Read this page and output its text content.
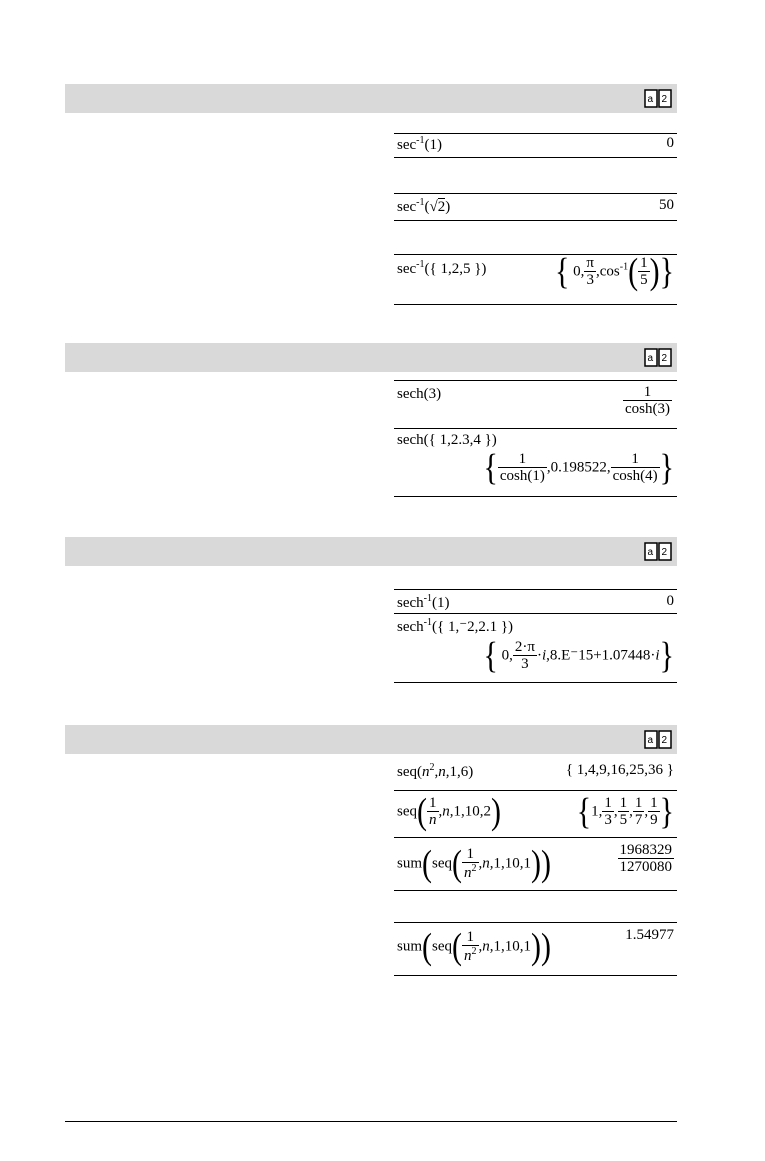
a 2
$\sec^{-1}(1)$	0
$\sec^{-1}(√2)$	50
$\sec^{-1}$({ 1,2,5 }) { 0, $\frac{\pi}{3} ,\cos^{-1}( \frac{1}{5}$ )}
a 2
sech(3)	$\frac{1}{\cosh(3)}$
sech({ 1,2.3,4 })
{ $\frac{1}{\cosh(1)} ,0.198522$, $\frac{1}{\cosh(4)}$ }
a 2
sech$^{-1}$(1)	0
sech$^{-1}$({ 1,⁻2,2.1 })
{ 0, $\frac{2\cdot\pi}{3} \cdot i,8.E^-15+1.07448\cdot i$}
a 2
$seq(n^2,n,1,6)$	{ 1,4,9,16,25,36 }
$seq( \frac{1}{n} ,n,1,10,2)$	{1, $\frac{1}{3}$ , $\frac{1}{5}$ , $\frac{1}{7}$ , $\frac{1}{9}$ }
$sum(seq( \frac{1}{n^2} ,n,1,10,1))$	$\frac{1968329}{1270080}$
$sum(seq( \frac{1}{n^2} ,n,1,10,1))$	1.54977
